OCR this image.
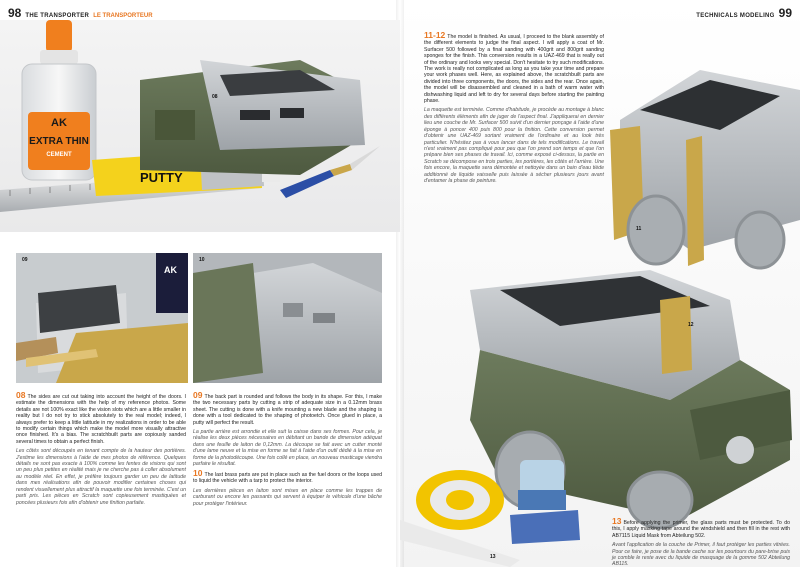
98 THE TRANSPORTER LE TRANSPORTEUR	TECHNICALS MODELING 99
AK
EXTRA THIN
CEMENT
PUTTY
08
AK
09	10

08 The sides are cut out taking into account the height of the doors. I estimate the dimensions with the help of my reference photos. Some details are not 100% exact like the vision slots which are a little smaller in reality but I do not try to stick absolutely to the real model; indeed, I always prefer to keep a little latitude in my realizations in order to be able to modify certain things which make the model more visually attractive once finished. It's a bias. The scratchbuilt parts are copiously sanded several times to obtain a perfect finish.

Les côtés sont découpés en tenant compte de la hauteur des portières. J'estime les dimensions à l'aide de mes photos de référence. Quelques détails ne sont pas exacte à 100% comme les fentes de visions qui sont un peu plus petites en réalité mais je ne cherche pas à coller absolument au modèle réel. En effet, je préfère toujours garder un peu de latitude dans mes réalisations afin de pouvoir modifier certaines choses qui rendent visuellement plus attractif la maquette une fois terminée. C'est un parti pris. Les pièces en Scratch sont copieusement mastiquées et poncées plusieurs fois afin d'obtenir une finition parfaite.

09 The back part is rounded and follows the body in its shape. For this, I make the two necessary parts by cutting a strip of adequate size in a 0.12mm brass sheet. The cutting is done with a knife mounting a new blade and the shaping is done with a tool dedicated to the shaping of photoetch. Once glued in place, a putty will perfect the result.

La partie arrière est arrondie et elle suit la caisse dans ses formes. Pour cela, je réalise les deux pièces nécessaires en débitant un bande de dimension adéquat dans une feuille de laiton de 0,12mm. La découpe se fait avec un cutter monté d'une lame neuve et la mise en forme se fait à l'aide d'un outil dédié à la mise en forme de la photodécoupe. Une fois collé en place, un nouveau masticage viendra parfaire le résultat.

10 The last brass parts are put in place such as the fuel doors or the loops used to liquid the vehicle with a tarp to protect the interior.

Les dernières pièces en laiton sont mises en place comme les trappes de carburant ou encore les passants qui servent à équiper le véhicule d'une bâche pour protéger l'intérieur.

11-12 The model is finished. As usual, I proceed to the blank assembly of the different elements to judge the final aspect. I will apply a coat of Mr. Surfacer 500 followed by a final sanding with 400grit and 800grit sanding sponges for the finish. This conversion results in a UAZ-469 that is really out of the ordinary and looks very special. Don't hesitate to try such modifications. The work is really not complicated as long as you take your time and prepare your work phases well. Here, as explained above, the scratchbuilt parts are divided into three components, the doors, the sides and the rear. Once again, the model will be disassembled and cleaned in a bath of warm water with dishwashing liquid and left to dry for several days before starting the painting phase.

La maquette est terminée. Comme d'habitude, je procède au montage à blanc des différents éléments afin de juger de l'aspect final. J'appliquerai en dernier lieu une couche de Mr. Surfacer 500 suivit d'un dernier ponçage à l'aide d'une éponge à poncer 400 puis 800 pour la finition. Cette conversion permet d'obtenir une UAZ-469 sortant vraiment de l'ordinaire et au look très particulier. N'hésitez pas à vous lancer dans de tels modifications. Le travail n'est vraiment pas compliqué pour peu que l'on prend son temps et que l'on prépare bien ses phases de travail. Ici, comme exposé ci-dessus, la partie en Scratch se décompose en trois parties, les portières, les côtés et l'arrière. Une fois encore, la maquette sera démontée et nettoyée dans un bain d'eau tiède additionné de liquide vaisselle puis laissée à sécher plusieurs jours avant d'entamer la phase de peinture.

11
12
13

13 Before applying the primer, the glass parts must be protected. To do this, I apply masking tape around the windshield and then fill in the rest with AB7115 Liquid Mask from Abteilung 502.

Avant l'application de la couche de Primer, il faut protéger les parties vitrées. Pour ce faire, je pose de la bande cache sur les pourtours du pare-brise puis je comble le reste avec du liquide de masquage de la gomme 502 Abteilung AB115.
